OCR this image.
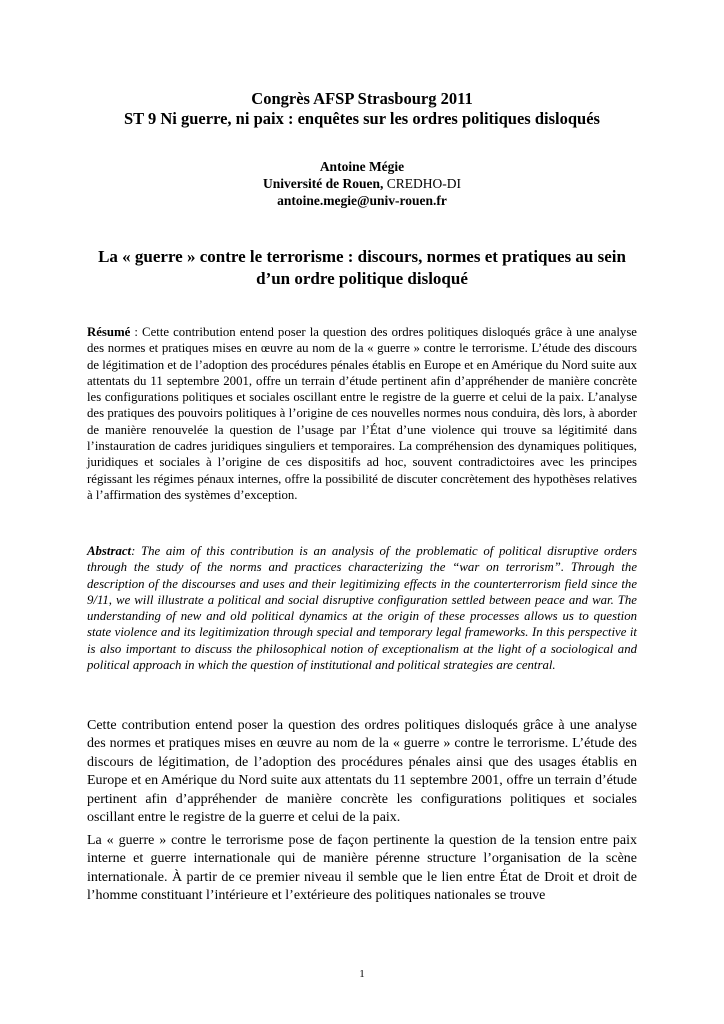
Congrès AFSP Strasbourg 2011
ST 9 Ni guerre, ni paix : enquêtes sur les ordres politiques disloqués
Antoine Mégie
Université de Rouen, CREDHO-DI
antoine.megie@univ-rouen.fr
La « guerre » contre le terrorisme : discours, normes et pratiques au sein d’un ordre politique disloqué
Résumé : Cette contribution entend poser la question des ordres politiques disloqués grâce à une analyse des normes et pratiques mises en œuvre au nom de la « guerre » contre le terrorisme. L’étude des discours de légitimation et de l’adoption des procédures pénales établis en Europe et en Amérique du Nord suite aux attentats du 11 septembre 2001, offre un terrain d’étude pertinent afin d’appréhender de manière concrète les configurations politiques et sociales oscillant entre le registre de la guerre et celui de la paix. L’analyse des pratiques des pouvoirs politiques à l’origine de ces nouvelles normes nous conduira, dès lors, à aborder de manière renouvelée la question de l’usage par l’État d’une violence qui trouve sa légitimité dans l’instauration de cadres juridiques singuliers et temporaires. La compréhension des dynamiques politiques, juridiques et sociales à l’origine de ces dispositifs ad hoc, souvent contradictoires avec les principes régissant les régimes pénaux internes, offre la possibilité de discuter concrètement des hypothèses relatives à l’affirmation des systèmes d’exception.
Abstract: The aim of this contribution is an analysis of the problematic of political disruptive orders through the study of the norms and practices characterizing the “war on terrorism”. Through the description of the discourses and uses and their legitimizing effects in the counterterrorism field since the 9/11, we will illustrate a political and social disruptive configuration settled between peace and war. The understanding of new and old political dynamics at the origin of these processes allows us to question state violence and its legitimization through special and temporary legal frameworks. In this perspective it is also important to discuss the philosophical notion of exceptionalism at the light of a sociological and political approach in which the question of institutional and political strategies are central.
Cette contribution entend poser la question des ordres politiques disloqués grâce à une analyse des normes et pratiques mises en œuvre au nom de la « guerre » contre le terrorisme. L’étude des discours de légitimation, de l’adoption des procédures pénales ainsi que des usages établis en Europe et en Amérique du Nord suite aux attentats du 11 septembre 2001, offre un terrain d’étude pertinent afin d’appréhender de manière concrète les configurations politiques et sociales oscillant entre le registre de la guerre et celui de la paix.
La « guerre » contre le terrorisme pose de façon pertinente la question de la tension entre paix interne et guerre internationale qui de manière pérenne structure l’organisation de la scène internationale. À partir de ce premier niveau il semble que le lien entre État de Droit et droit de l’homme constituant l’intérieure et l’extérieure des politiques nationales se trouve
1
